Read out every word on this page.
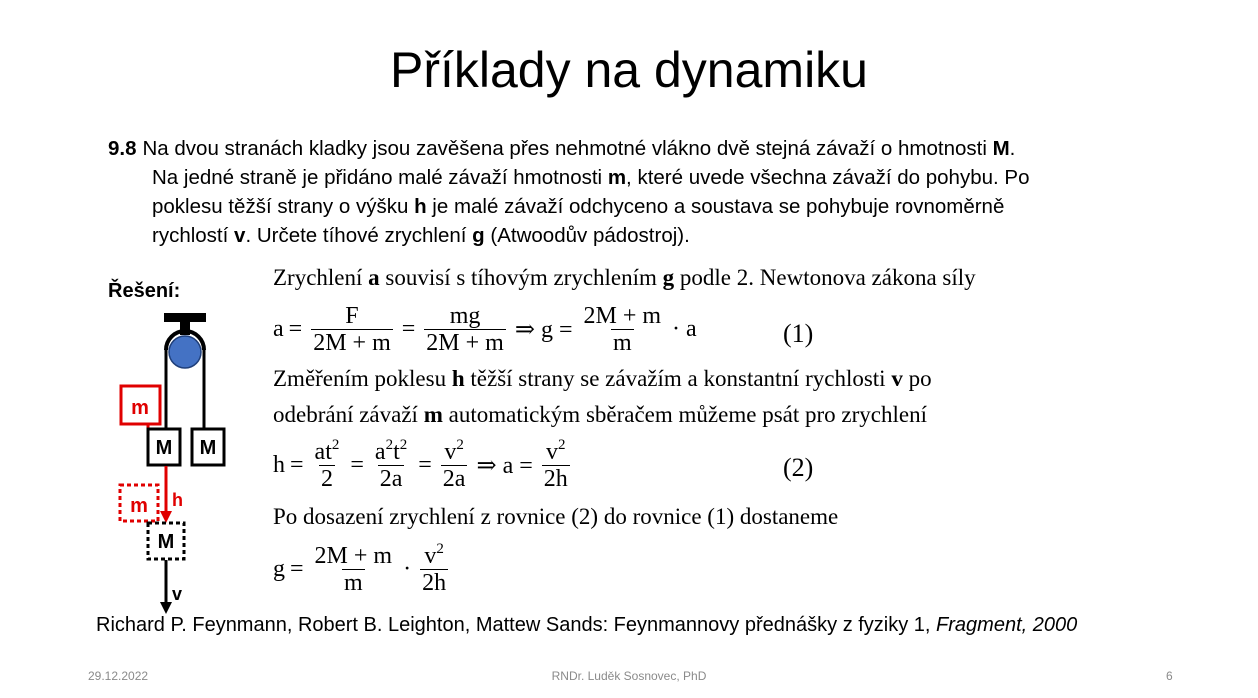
Příklady na dynamiku
9.8 Na dvou stranách kladky jsou zavěšena přes nehmotné vlákno dvě stejná závaží o hmotnosti M.
Na jedné straně je přidáno malé závaží hmotnosti m, které uvede všechna závaží do pohybu. Po
poklesu těžší strany o výšku h je malé závaží odchyceno a soustava se pohybuje rovnoměrně
rychlostí v. Určete tíhové zrychlení g (Atwoodův pádostroj).
Řešení:
m
M M
h
m
M
v
Zrychlení a souvisí s tíhovým zrychlením g podle 2. Newtonova zákona síly
$a = \frac{F}{2M + m} = \frac{mg}{2M + m}$ ⇒ $g = \frac{2M + m}{m} \cdot a$	(1)
Změřením poklesu h těžší strany se závažím a konstantní rychlosti v po
odebrání závaží m automatickým sběračem můžeme psát pro zrychlení
$h = \frac{at^2}{2} = \frac{a^2t^2}{2a} = \frac{v^2}{2a}$ ⇒ $a = \frac{v^2}{2h}$	(2)
Po dosazení zrychlení z rovnice (2) do rovnice (1) dostaneme
$g = \frac{2M + m}{m} \cdot \frac{v^2}{2h}$
Richard P. Feynmann, Robert B. Leighton, Mattew Sands: Feynmannovy přednášky z fyziky 1, Fragment, 2000
29.12.2022	RNDr. Luděk Sosnovec, PhD	6
